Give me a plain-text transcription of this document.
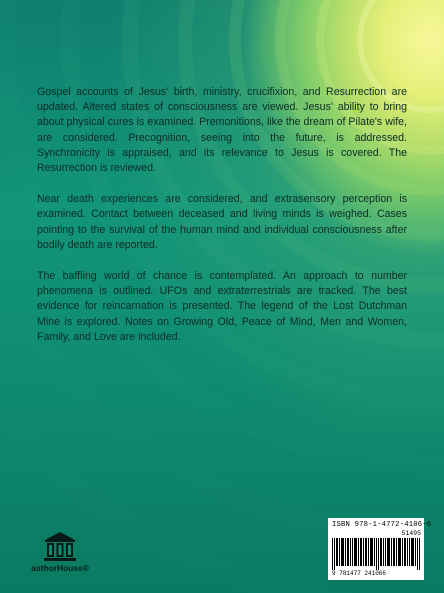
Gospel accounts of Jesus' birth, ministry, crucifixion, and Resurrection are updated. Altered states of consciousness are viewed. Jesus' ability to bring about physical cures is examined. Premonitions, like the dream of Pilate's wife, are considered. Precognition, seeing into the future, is addressed. Synchronicity is appraised, and its relevance to Jesus is covered. The Resurrection is reviewed.

Near death experiences are considered, and extrasensory perception is examined. Contact between deceased and living minds is weighed. Cases pointing to the survival of the human mind and individual consciousness after bodily death are reported.

The baffling world of chance is contemplated. An approach to number phenomena is outlined. UFOs and extraterrestrials are tracked. The best evidence for reincarnation is presented. The legend of the Lost Dutchman Mine is explored. Notes on Growing Old, Peace of Mind, Men and Women, Family, and Love are included.

authorHouse®
ISBN 978-1-4772-4106-6
51495
9 781477 241066
